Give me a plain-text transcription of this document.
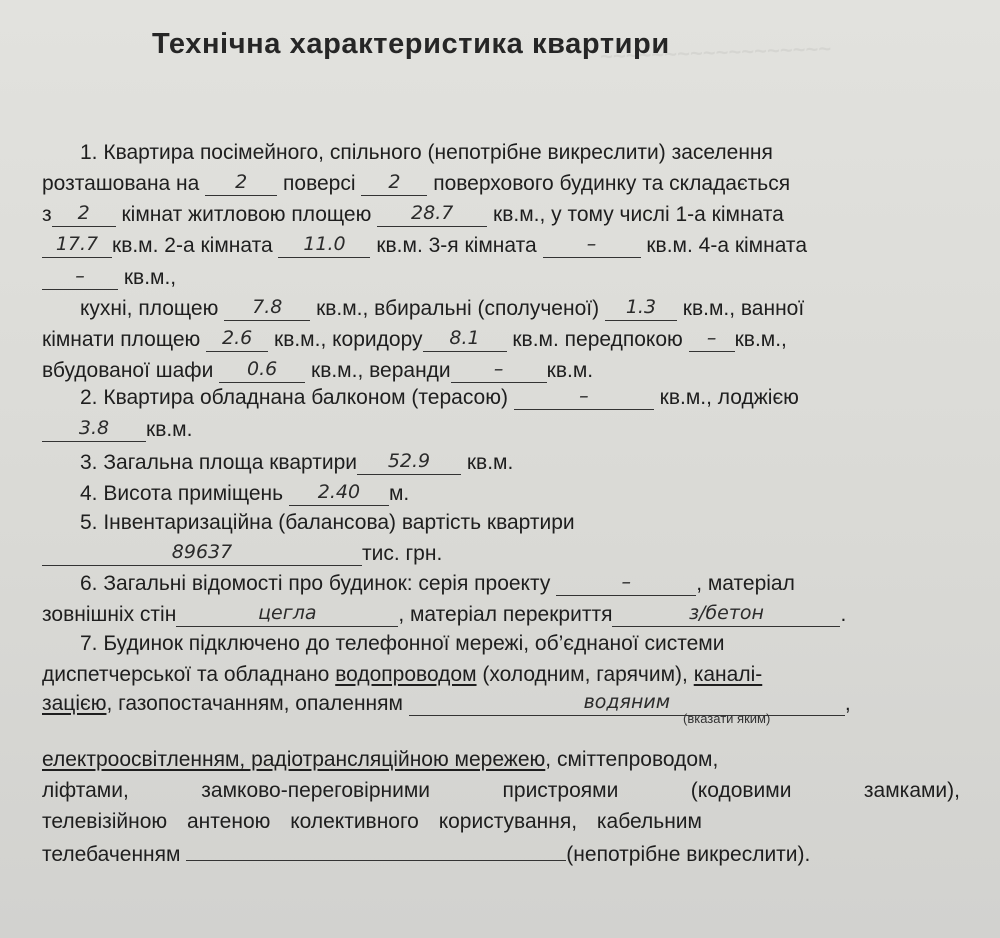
~~~~~~~~~~~~~~~~~~
Технічна характеристика квартири
1. Квартира посімейного, спільного (непотрібне викреслити) заселення
розташована на 2 поверсі 2 поверхового будинку та складається
з 2 кімнат житловою площею 28.7 кв.м., у тому числі 1-а кімната
17.7 кв.м. 2-а кімната 11.0 кв.м. 3-я кімната	– кв.м. 4-а кімната
– кв.м.,
кухні, площею 7.8 кв.м., вбиральні (сполученої) 1.3 кв.м., ванної
кімнати площею 2.6 кв.м., коридору 8.1 кв.м. передпокою – кв.м.,
вбудованої шафи 0.6 кв.м., веранди – кв.м.
2. Квартира обладнана балконом (терасою)	–	кв.м., лоджією
3.8 кв.м.
3. Загальна площа квартири 52.9 кв.м.
4. Висота приміщень 2.40 м.
5. Інвентаризаційна (балансова) вартість квартири
89637	тис. грн.
6. Загальні відомості про будинок: серія проекту	–	, матеріал
зовнішніх стін	цегла	, матеріал перекриття	з/бетон	.
7. Будинок підключено до телефонної мережі, об’єднаної системи
диспетчерської та обладнано водопроводом (холодним, гарячим), каналі-
зацією, газопостачанням, опаленням	водяним	,
(вказати яким)
електроосвітленням, радіотрансляційною мережею, сміттепроводом,
ліфтами, замково-переговірними пристроями (кодовими замками),
телевізійною антеною колективного користування, кабельним
телебаченням	(непотрібне викреслити).
